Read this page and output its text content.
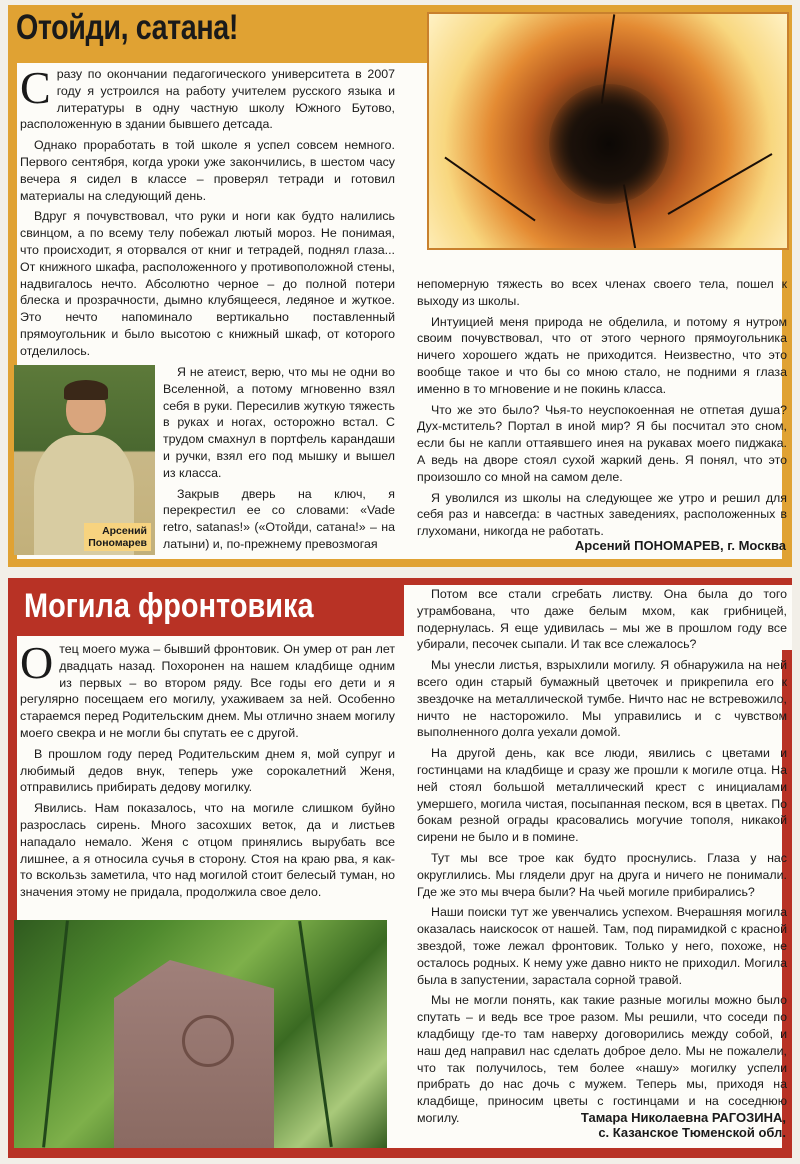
Отойди, сатана!

Сразу по окончании педагогического университета в 2007 году я устроился на работу учителем русского языка и литературы в одну частную школу Южного Бутово, расположенную в здании бывшего детсада.

Однако проработать в той школе я успел совсем немного. Первого сентября, когда уроки уже закончились, в шестом часу вечера я сидел в классе – проверял тетради и готовил материалы на следующий день.

Вдруг я почувствовал, что руки и ноги как будто налились свинцом, а по всему телу побежал лютый мороз. Не понимая, что происходит, я оторвался от книг и тетрадей, поднял глаза... От книжного шкафа, расположенного у противоположной стены, надвигалось нечто. Абсолютно черное – до полной потери блеска и прозрачности, дымно клубящееся, ледяное и жуткое. Это нечто напоминало вертикально поставленный прямоугольник и было высотою с книжный шкаф, от которого отделилось.

Арсений
Пономарев

Я не атеист, верю, что мы не одни во Вселенной, а потому мгновенно взял себя в руки. Пересилив жуткую тяжесть в руках и ногах, осторожно встал. С трудом смахнул в портфель карандаши и ручки, взял его под мышку и вышел из класса.

Закрыв дверь на ключ, я перекрестил ее со словами: «Vade retro, satanas!» («Отойди, сатана!» – на латыни) и, по-прежнему превозмогая

непомерную тяжесть во всех членах своего тела, пошел к выходу из школы.

Интуицией меня природа не обделила, и потому я нутром своим почувствовал, что от этого черного прямоугольника ничего хорошего ждать не приходится. Неизвестно, что это вообще такое и что бы со мною стало, не подними я глаза именно в то мгновение и не покинь класса.

Что же это было? Чья-то неуспокоенная не отпетая душа? Дух-мститель? Портал в иной мир? Я бы посчитал это сном, если бы не капли оттаявшего инея на рукавах моего пиджака. А ведь на дворе стоял сухой жаркий день. Я понял, что это произошло со мной на самом деле.

Я уволился из школы на следующее же утро и решил для себя раз и навсегда: в частных заведениях, расположенных в глухомани, никогда не работать.

Арсений ПОНОМАРЕВ, г. Москва
Могила фронтовика

Отец моего мужа – бывший фронтовик. Он умер от ран лет двадцать назад. Похоронен на нашем кладбище одним из первых – во втором ряду. Все годы его дети и я регулярно посещаем его могилу, ухаживаем за ней. Особенно стараемся перед Родительским днем. Мы отлично знаем могилу моего свекра и не могли бы спутать ее с другой.

В прошлом году перед Родительским днем я, мой супруг и любимый дедов внук, теперь уже сорокалетний Женя, отправились прибирать дедову могилку.

Явились. Нам показалось, что на могиле слишком буйно разрослась сирень. Много засохших веток, да и листьев нападало немало. Женя с отцом принялись вырубать все лишнее, а я относила сучья в сторону. Стоя на краю рва, я как-то вскользь заметила, что над могилой стоит белесый туман, но значения этому не придала, продолжила свое дело.

Потом все стали сгребать листву. Она была до того утрамбована, что даже белым мхом, как грибницей, подернулась. Я еще удивилась – мы же в прошлом году все убирали, песочек сыпали. И так все слежалось?

Мы унесли листья, взрыхлили могилу. Я обнаружила на ней всего один старый бумажный цветочек и прикрепила его к звездочке на металлической тумбе. Ничто нас не встревожило, ничто не насторожило. Мы управились и с чувством выполненного долга уехали домой.

На другой день, как все люди, явились с цветами и гостинцами на кладбище и сразу же прошли к могиле отца. На ней стоял большой металлический крест с инициалами умершего, могила чистая, посыпанная песком, вся в цветах. По бокам резной ограды красовались могучие тополя, никакой сирени не было и в помине.

Тут мы все трое как будто проснулись. Глаза у нас округлились. Мы глядели друг на друга и ничего не понимали. Где же это мы вчера были? На чьей могиле прибирались?

Наши поиски тут же увенчались успехом. Вчерашняя могила оказалась наискосок от нашей. Там, под пирамидкой с красной звездой, тоже лежал фронтовик. Только у него, похоже, не осталось родных. К нему уже давно никто не приходил. Могила была в запустении, зарастала сорной травой.

Мы не могли понять, как такие разные могилы можно было спутать – и ведь все трое разом. Мы решили, что соседи по кладбищу где-то там наверху договорились между собой, и наш дед направил нас сделать доброе дело. Мы не пожалели, что так получилось, тем более «нашу» могилку успели прибрать до нас дочь с мужем. Теперь мы, приходя на кладбище, приносим цветы с гостинцами и на соседнюю могилу.	Тамара Николаевна РАГОЗИНА,
с. Казанское Тюменской обл.
